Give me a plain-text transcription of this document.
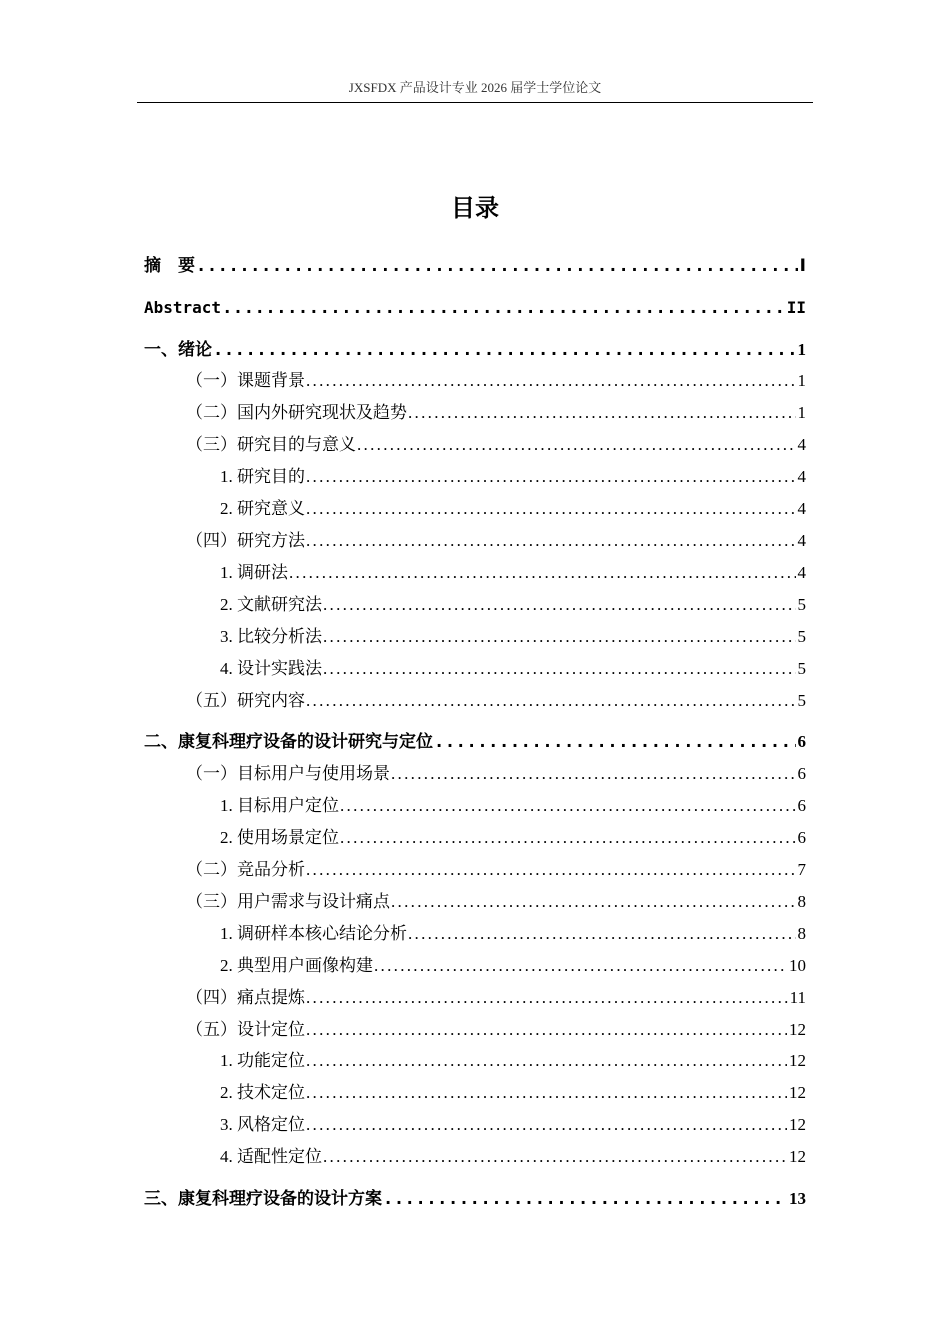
JXSFDX 产品设计专业 2026 届学士学位论文
目录
摘　要 .....	I
Abstract .....	II
一、绪论 .....	1
（一）课题背景 .....	1
（二）国内外研究现状及趋势 .....	1
（三）研究目的与意义 .....	4
1. 研究目的 .....	4
2. 研究意义 .....	4
（四）研究方法 .....	4
1. 调研法 .....	4
2. 文献研究法 .....	5
3. 比较分析法 .....	5
4. 设计实践法 .....	5
（五）研究内容 .....	5
二、康复科理疗设备的设计研究与定位 .....	6
（一）目标用户与使用场景 .....	6
1. 目标用户定位 .....	6
2. 使用场景定位 .....	6
（二）竞品分析 .....	7
（三）用户需求与设计痛点 .....	8
1. 调研样本核心结论分析 .....	8
2. 典型用户画像构建 .....	10
（四）痛点提炼 .....	11
（五）设计定位 .....	12
1. 功能定位 .....	12
2. 技术定位 .....	12
3. 风格定位 .....	12
4. 适配性定位 .....	12
三、康复科理疗设备的设计方案 .....	13
